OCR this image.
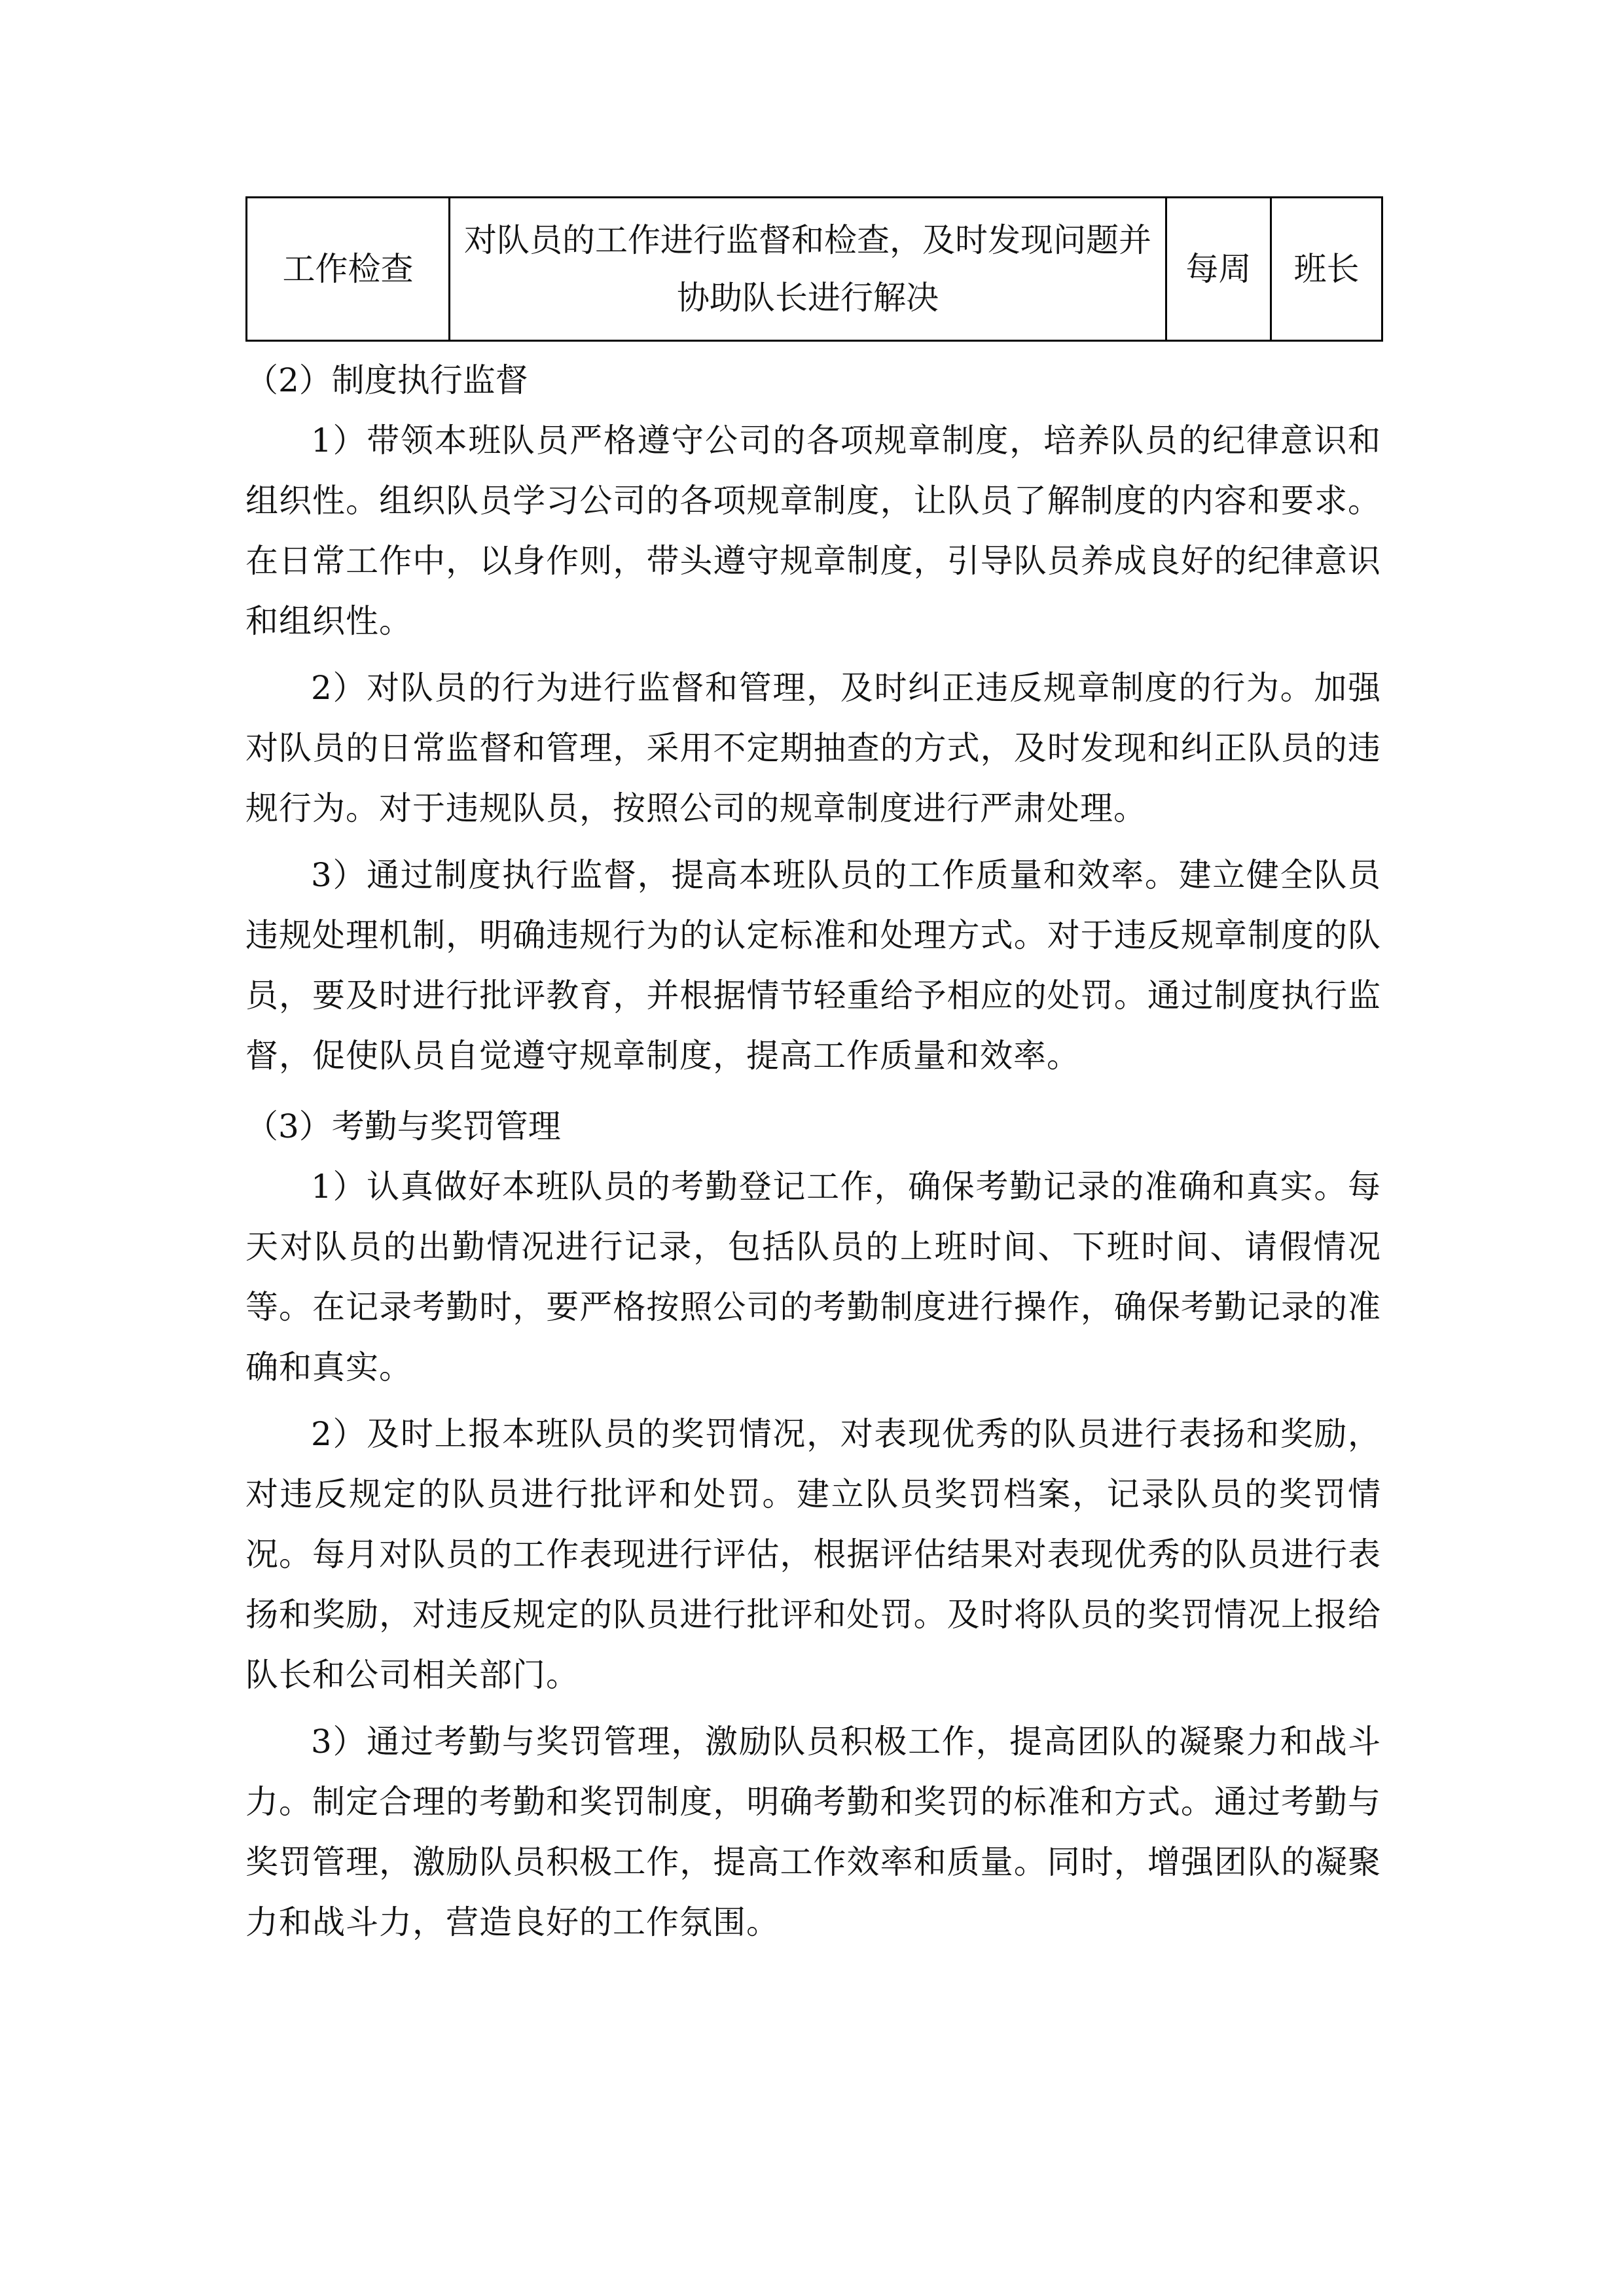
工作检查	对队员的工作进行监督和检查，及时发现问题并协助队长进行解决	每周	班长

（2）制度执行监督

1）带领本班队员严格遵守公司的各项规章制度，培养队员的纪律意识和组织性。组织队员学习公司的各项规章制度，让队员了解制度的内容和要求。在日常工作中，以身作则，带头遵守规章制度，引导队员养成良好的纪律意识和组织性。

2）对队员的行为进行监督和管理，及时纠正违反规章制度的行为。加强对队员的日常监督和管理，采用不定期抽查的方式，及时发现和纠正队员的违规行为。对于违规队员，按照公司的规章制度进行严肃处理。

3）通过制度执行监督，提高本班队员的工作质量和效率。建立健全队员违规处理机制，明确违规行为的认定标准和处理方式。对于违反规章制度的队员，要及时进行批评教育，并根据情节轻重给予相应的处罚。通过制度执行监督，促使队员自觉遵守规章制度，提高工作质量和效率。

（3）考勤与奖罚管理

1）认真做好本班队员的考勤登记工作，确保考勤记录的准确和真实。每天对队员的出勤情况进行记录，包括队员的上班时间、下班时间、请假情况等。在记录考勤时，要严格按照公司的考勤制度进行操作，确保考勤记录的准确和真实。

2）及时上报本班队员的奖罚情况，对表现优秀的队员进行表扬和奖励，对违反规定的队员进行批评和处罚。建立队员奖罚档案，记录队员的奖罚情况。每月对队员的工作表现进行评估，根据评估结果对表现优秀的队员进行表扬和奖励，对违反规定的队员进行批评和处罚。及时将队员的奖罚情况上报给队长和公司相关部门。

3）通过考勤与奖罚管理，激励队员积极工作，提高团队的凝聚力和战斗力。制定合理的考勤和奖罚制度，明确考勤和奖罚的标准和方式。通过考勤与奖罚管理，激励队员积极工作，提高工作效率和质量。同时，增强团队的凝聚力和战斗力，营造良好的工作氛围。
